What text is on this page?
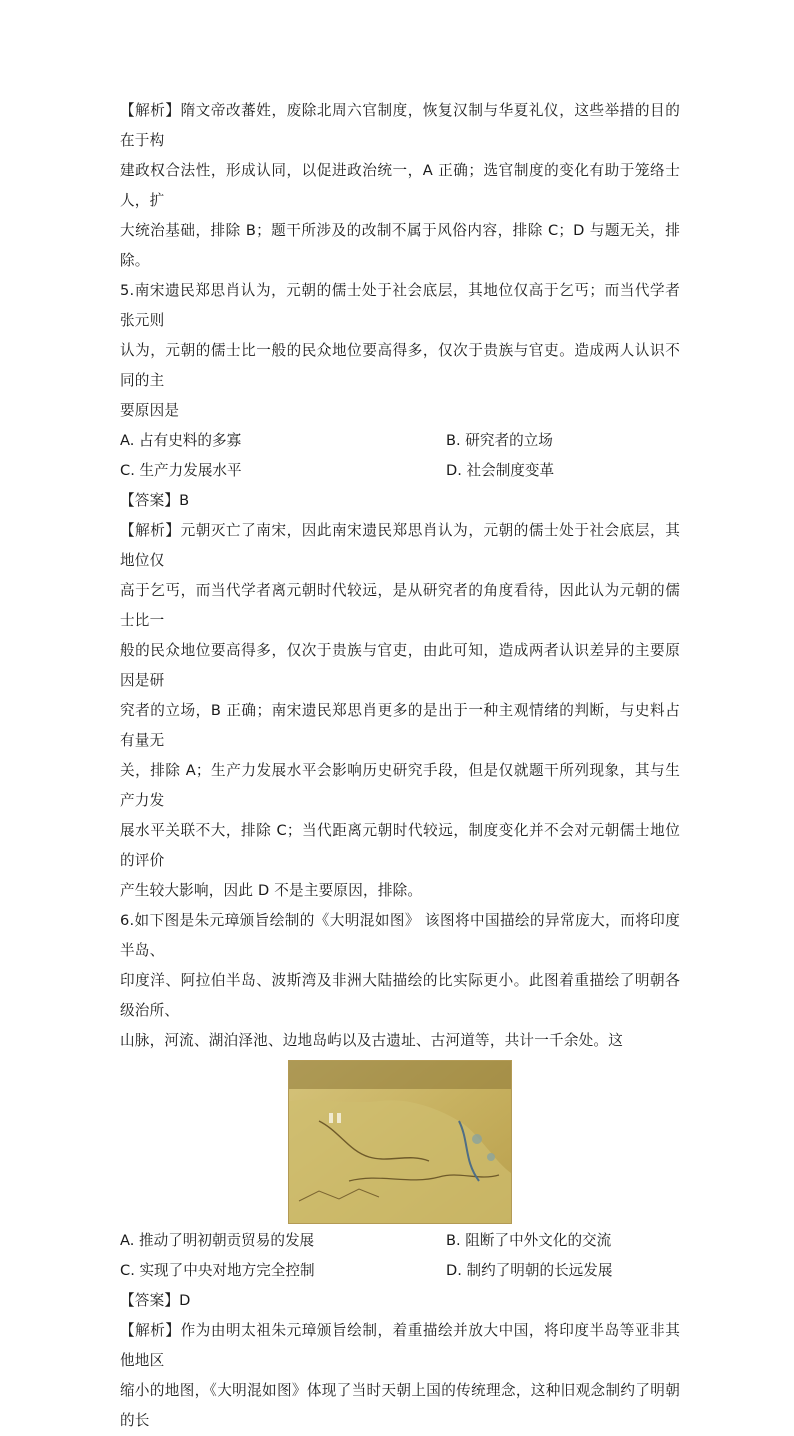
【解析】隋文帝改蕃姓，废除北周六官制度，恢复汉制与华夏礼仪，这些举措的目的在于构

建政权合法性，形成认同，以促进政治统一，A 正确；选官制度的变化有助于笼络士人，扩

大统治基础，排除 B；题干所涉及的改制不属于风俗内容，排除 C；D 与题无关，排除。

5.南宋遗民郑思肖认为，元朝的儒士处于社会底层，其地位仅高于乞丐；而当代学者张元则

认为，元朝的儒士比一般的民众地位要高得多，仅次于贵族与官吏。造成两人认识不同的主

要原因是

A. 占有史料的多寡	B. 研究者的立场
C. 生产力发展水平	D. 社会制度变革

【答案】B

【解析】元朝灭亡了南宋，因此南宋遗民郑思肖认为，元朝的儒士处于社会底层，其地位仅

高于乞丐，而当代学者离元朝时代较远，是从研究者的角度看待，因此认为元朝的儒士比一

般的民众地位要高得多，仅次于贵族与官吏，由此可知，造成两者认识差异的主要原因是研

究者的立场，B 正确；南宋遗民郑思肖更多的是出于一种主观情绪的判断，与史料占有量无

关，排除 A；生产力发展水平会影响历史研究手段，但是仅就题干所列现象，其与生产力发

展水平关联不大，排除 C；当代距离元朝时代较远，制度变化并不会对元朝儒士地位的评价

产生较大影响，因此 D 不是主要原因，排除。

6.如下图是朱元璋颁旨绘制的《大明混如图》 该图将中国描绘的异常庞大，而将印度半岛、

印度洋、阿拉伯半岛、波斯湾及非洲大陆描绘的比实际更小。此图着重描绘了明朝各级治所、

山脉，河流、湖泊泽池、边地岛屿以及古遗址、古河道等，共计一千余处。这

A. 推动了明初朝贡贸易的发展	B. 阻断了中外文化的交流
C. 实现了中央对地方完全控制	D. 制约了明朝的长远发展

【答案】D

【解析】作为由明太祖朱元璋颁旨绘制，着重描绘并放大中国，将印度半岛等亚非其他地区

缩小的地图，《大明混如图》体现了当时天朝上国的传统理念，这种旧观念制约了明朝的长
